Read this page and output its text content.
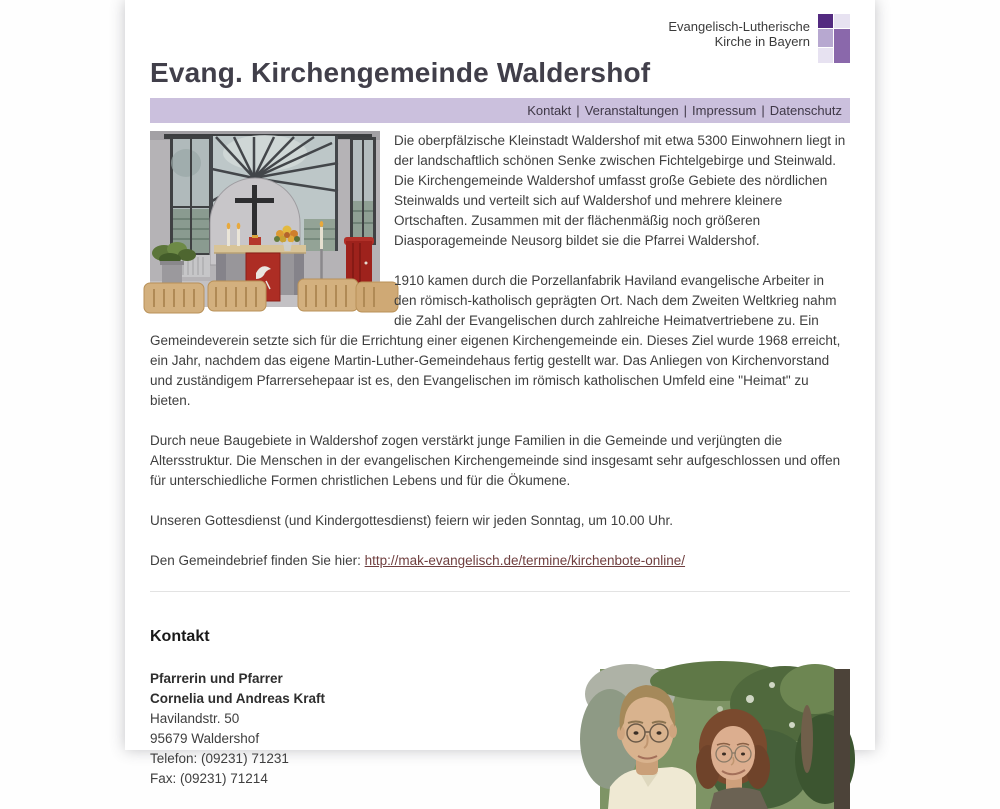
Evangelisch-Lutherische
Kirche in Bayern
Evang. Kirchengemeinde Waldershof
Kontakt | Veranstaltungen | Impressum | Datenschutz

Die oberpfälzische Kleinstadt Waldershof mit etwa 5300 Einwohnern liegt in der landschaftlich schönen Senke zwischen Fichtelgebirge und Steinwald. Die Kirchengemeinde Waldershof umfasst große Gebiete des nördlichen Steinwalds und verteilt sich auf Waldershof und mehrere kleinere Ortschaften. Zusammen mit der flächenmäßig noch größeren Diasporagemeinde Neusorg bildet sie die Pfarrei Waldershof.

1910 kamen durch die Porzellanfabrik Haviland evangelische Arbeiter in den römisch-katholisch geprägten Ort. Nach dem Zweiten Weltkrieg nahm die Zahl der Evangelischen durch zahlreiche Heimatvertriebene zu. Ein Gemeindeverein setzte sich für die Errichtung einer eigenen Kirchengemeinde ein. Dieses Ziel wurde 1968 erreicht, ein Jahr, nachdem das eigene Martin-Luther-Gemeindehaus fertig gestellt war. Das Anliegen von Kirchenvorstand und zuständigem Pfarrersehepaar ist es, den Evangelischen im römisch katholischen Umfeld eine "Heimat" zu bieten.

Durch neue Baugebiete in Waldershof zogen verstärkt junge Familien in die Gemeinde und verjüngten die Altersstruktur. Die Menschen in der evangelischen Kirchengemeinde sind insgesamt sehr aufgeschlossen und offen für unterschiedliche Formen christlichen Lebens und für die Ökumene.

Unseren Gottesdienst (und Kindergottesdienst) feiern wir jeden Sonntag, um 10.00 Uhr.

Den Gemeindebrief finden Sie hier: http://mak-evangelisch.de/termine/kirchenbote-online/

Kontakt
Pfarrerin und Pfarrer
Cornelia und Andreas Kraft
Havilandstr. 50
95679 Waldershof
Telefon: (09231) 71231
Fax: (09231) 71214
